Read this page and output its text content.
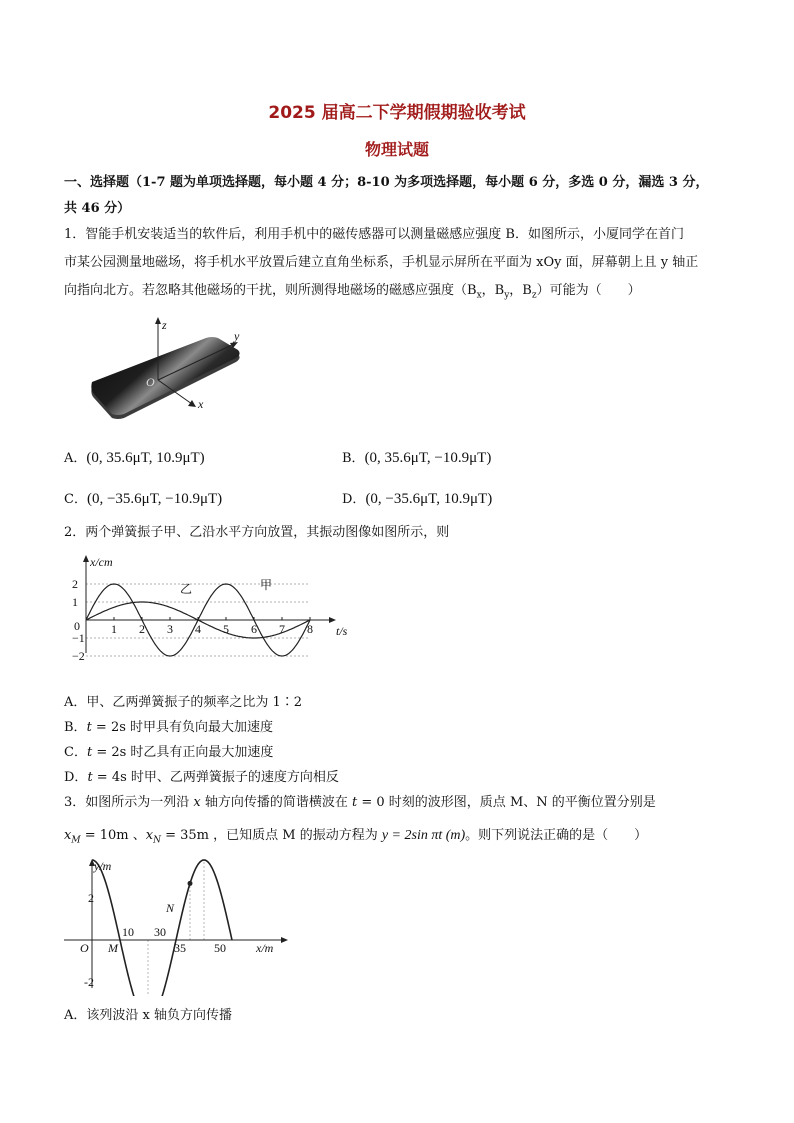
2025 届高二下学期假期验收考试
物理试题
一、选择题（1-7 题为单项选择题，每小题 4 分；8-10 为多项选择题，每小题 6 分，多选 0 分，漏选 3 分，
共 46 分）
1．智能手机安装适当的软件后，利用手机中的磁传感器可以测量磁感应强度 B．如图所示，小厦同学在首门
市某公园测量地磁场，将手机水平放置后建立直角坐标系，手机显示屏所在平面为 xOy 面，屏幕朝上且 y 轴正
向指向北方。若忽略其他磁场的干扰，则所测得地磁场的磁感应强度（$B_x$，$B_y$，$B_z$）可能为（　　）
z
y
x
O
A．(0, 35.6μT, 10.9μT)	B．(0, 35.6μT, −10.9μT)
C．(0, −35.6μT, −10.9μT)	D．(0, −35.6μT, 10.9μT)
2．两个弹簧振子甲、乙沿水平方向放置，其振动图像如图所示，则
2
1
−1
−2
1 2 3 4 5 6 7 8
x/cm
t/s
甲
乙
0
A．甲、乙两弹簧振子的频率之比为 1∶2
B．t = 2s 时甲具有负向最大加速度
C．t = 2s 时乙具有正向最大加速度
D．t = 4s 时甲、乙两弹簧振子的速度方向相反
3．如图所示为一列沿 x 轴方向传播的简谐横波在 t = 0 时刻的波形图，质点 M、N 的平衡位置分别是
$x_M = 10m$ 、$x_N = 35m$ ，已知质点 M 的振动方程为 y = 2sin πt (m)。则下列说法正确的是（　　）
y/m
x/m
O M
N
10 30
35 50
2
-2
A．该列波沿 x 轴负方向传播
